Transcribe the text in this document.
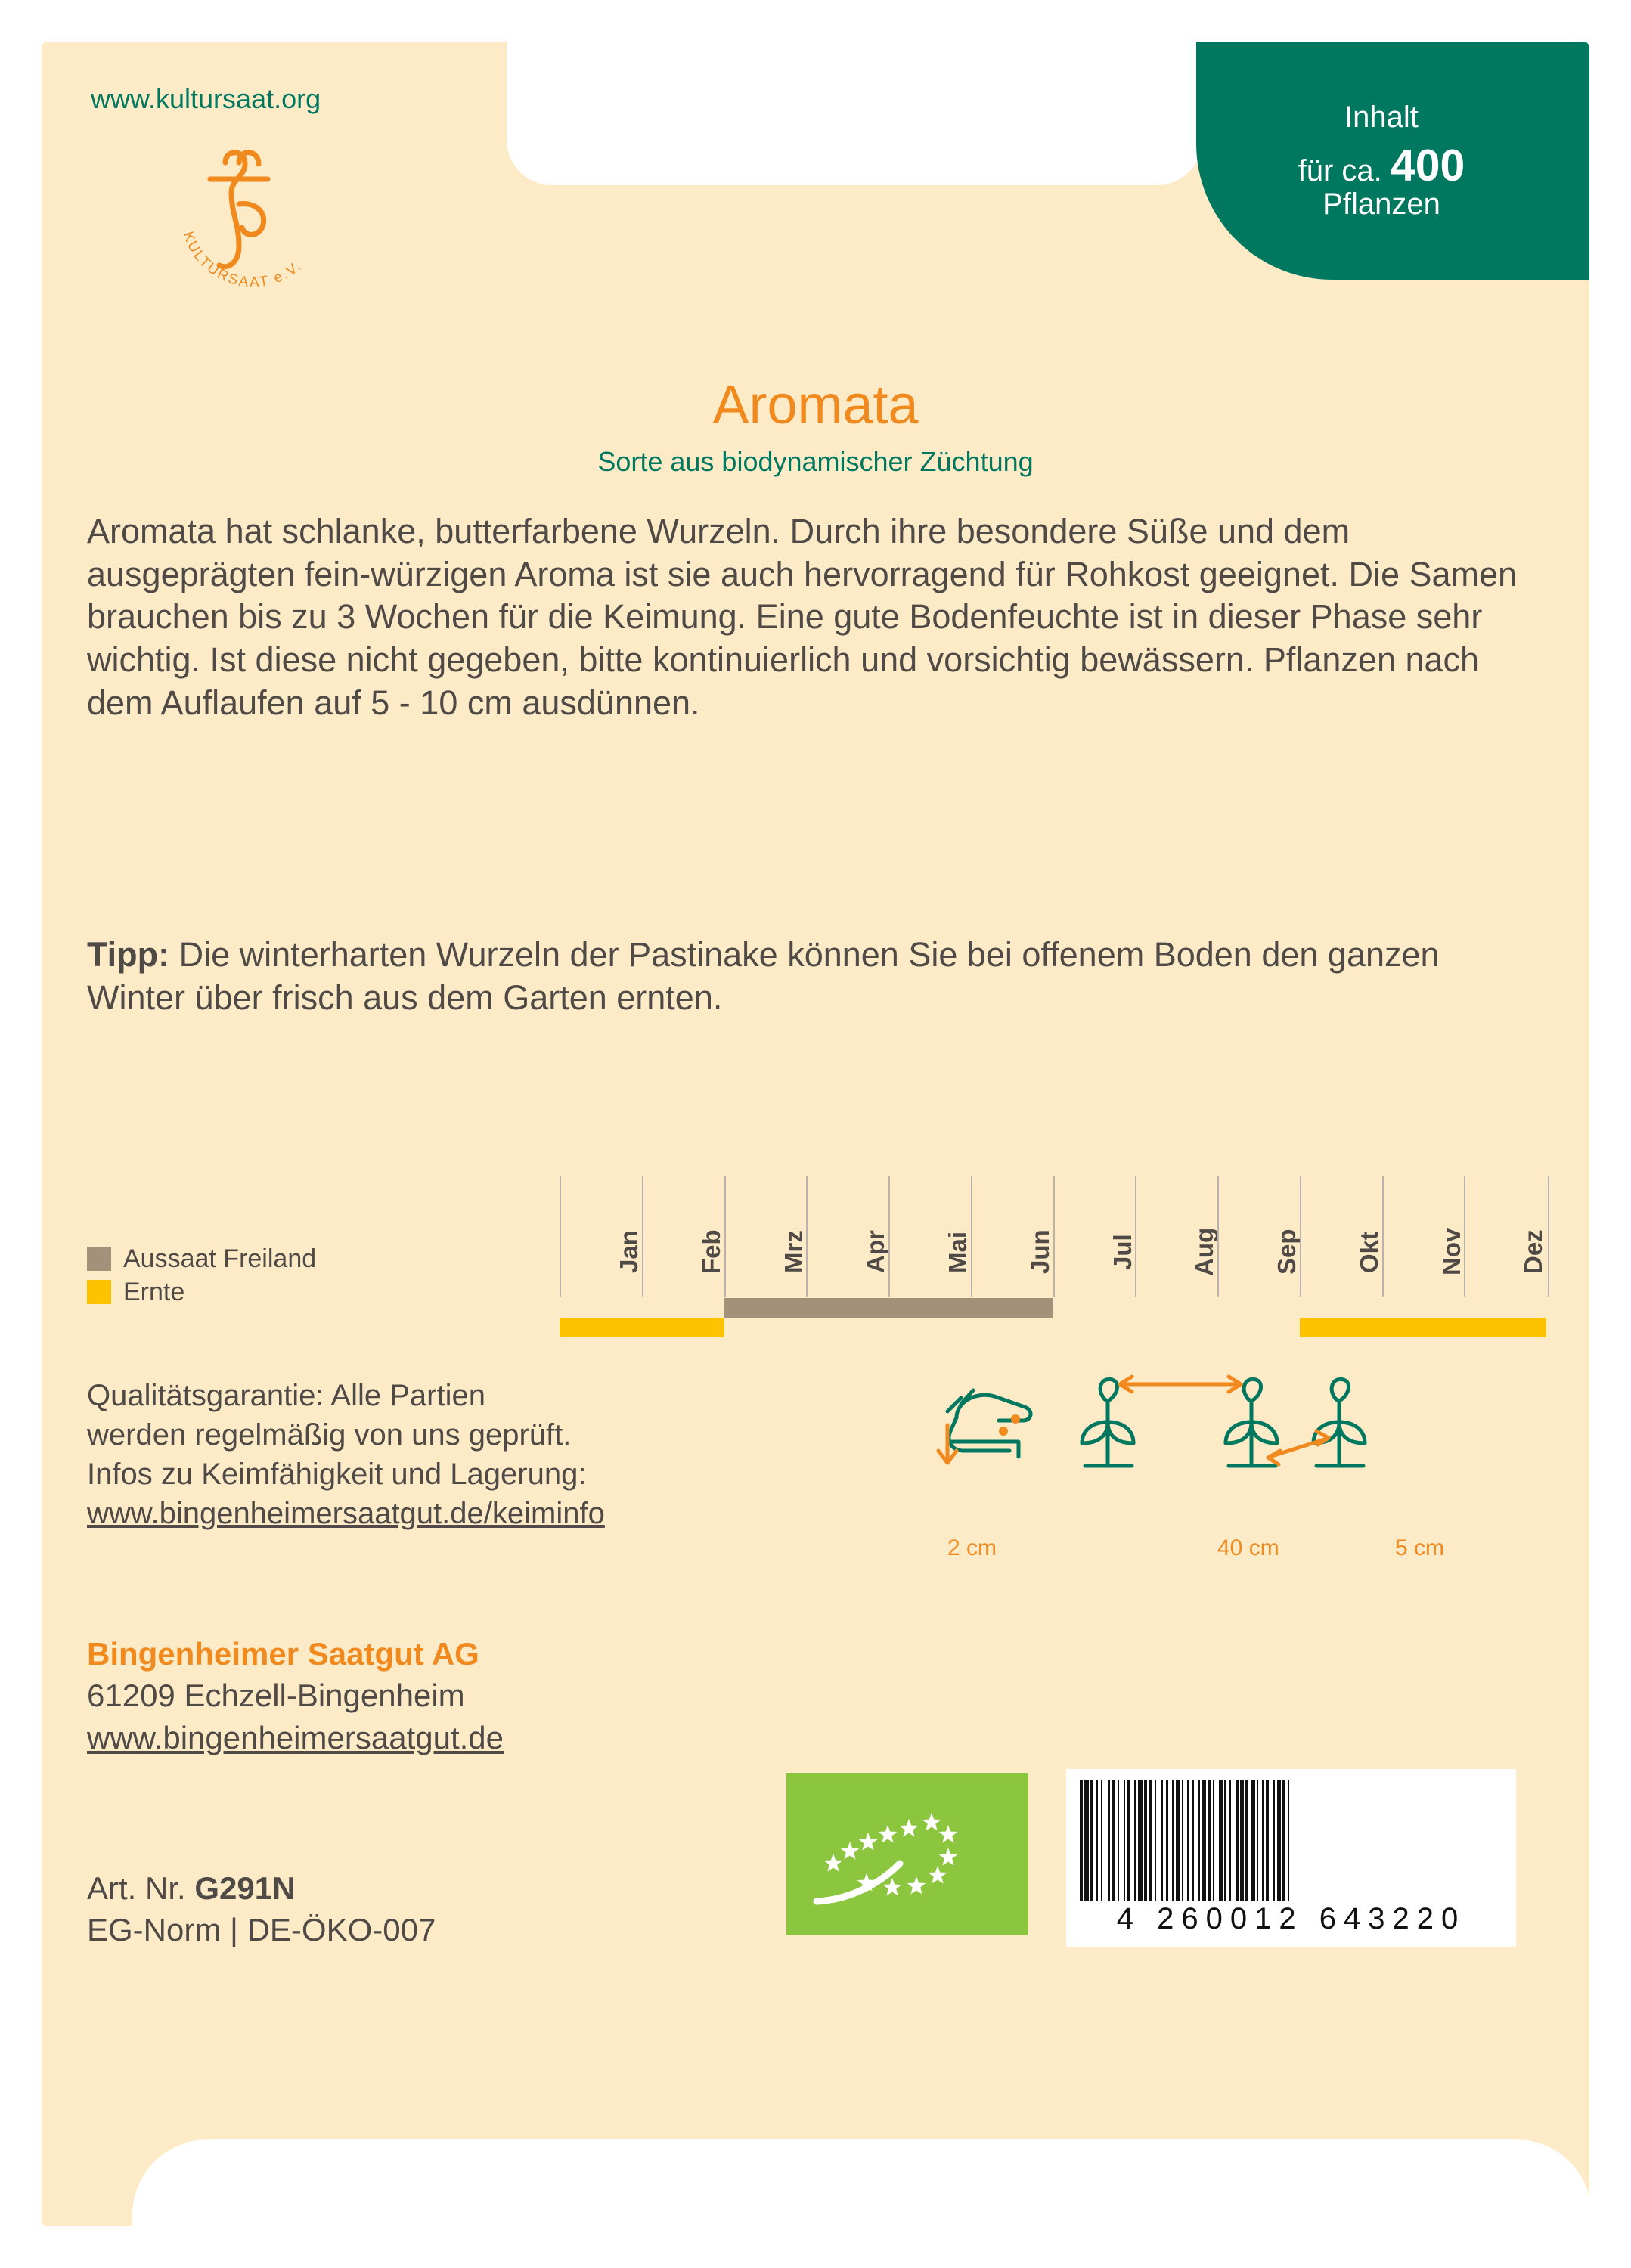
Inhalt
für ca. 400
Pflanzen
www.kultursaat.org
KULTURSAAT e.V.
Aromata
Sorte aus biodynamischer Züchtung
Aromata hat schlanke, butterfarbene Wurzeln. Durch ihre besondere Süße und dem ausgeprägten fein-würzigen Aroma ist sie auch hervorragend für Rohkost geeignet. Die Samen brauchen bis zu 3 Wochen für die Keimung. Eine gute Bodenfeuchte ist in dieser Phase sehr wichtig. Ist diese nicht gegeben, bitte kontinuierlich und vorsichtig bewässern. Pflanzen nach dem Auflaufen auf 5 - 10 cm ausdünnen.
Tipp: Die winterharten Wurzeln der Pastinake können Sie bei offenem Boden den ganzen Winter über frisch aus dem Garten ernten.
Aussaat Freiland
Ernte
Jan	Feb	Mrz	Apr	Mai	Jun	Jul	Aug	Sep	Okt	Nov	Dez
Qualitätsgarantie: Alle Partien
werden regelmäßig von uns geprüft.
Infos zu Keimfähigkeit und Lagerung:
www.bingenheimersaatgut.de/keiminfo
2 cm	40 cm	5 cm
Bingenheimer Saatgut AG
61209 Echzell-Bingenheim
www.bingenheimersaatgut.de
Art. Nr. G291N
EG-Norm | DE-ÖKO-007	4 260012 643220
